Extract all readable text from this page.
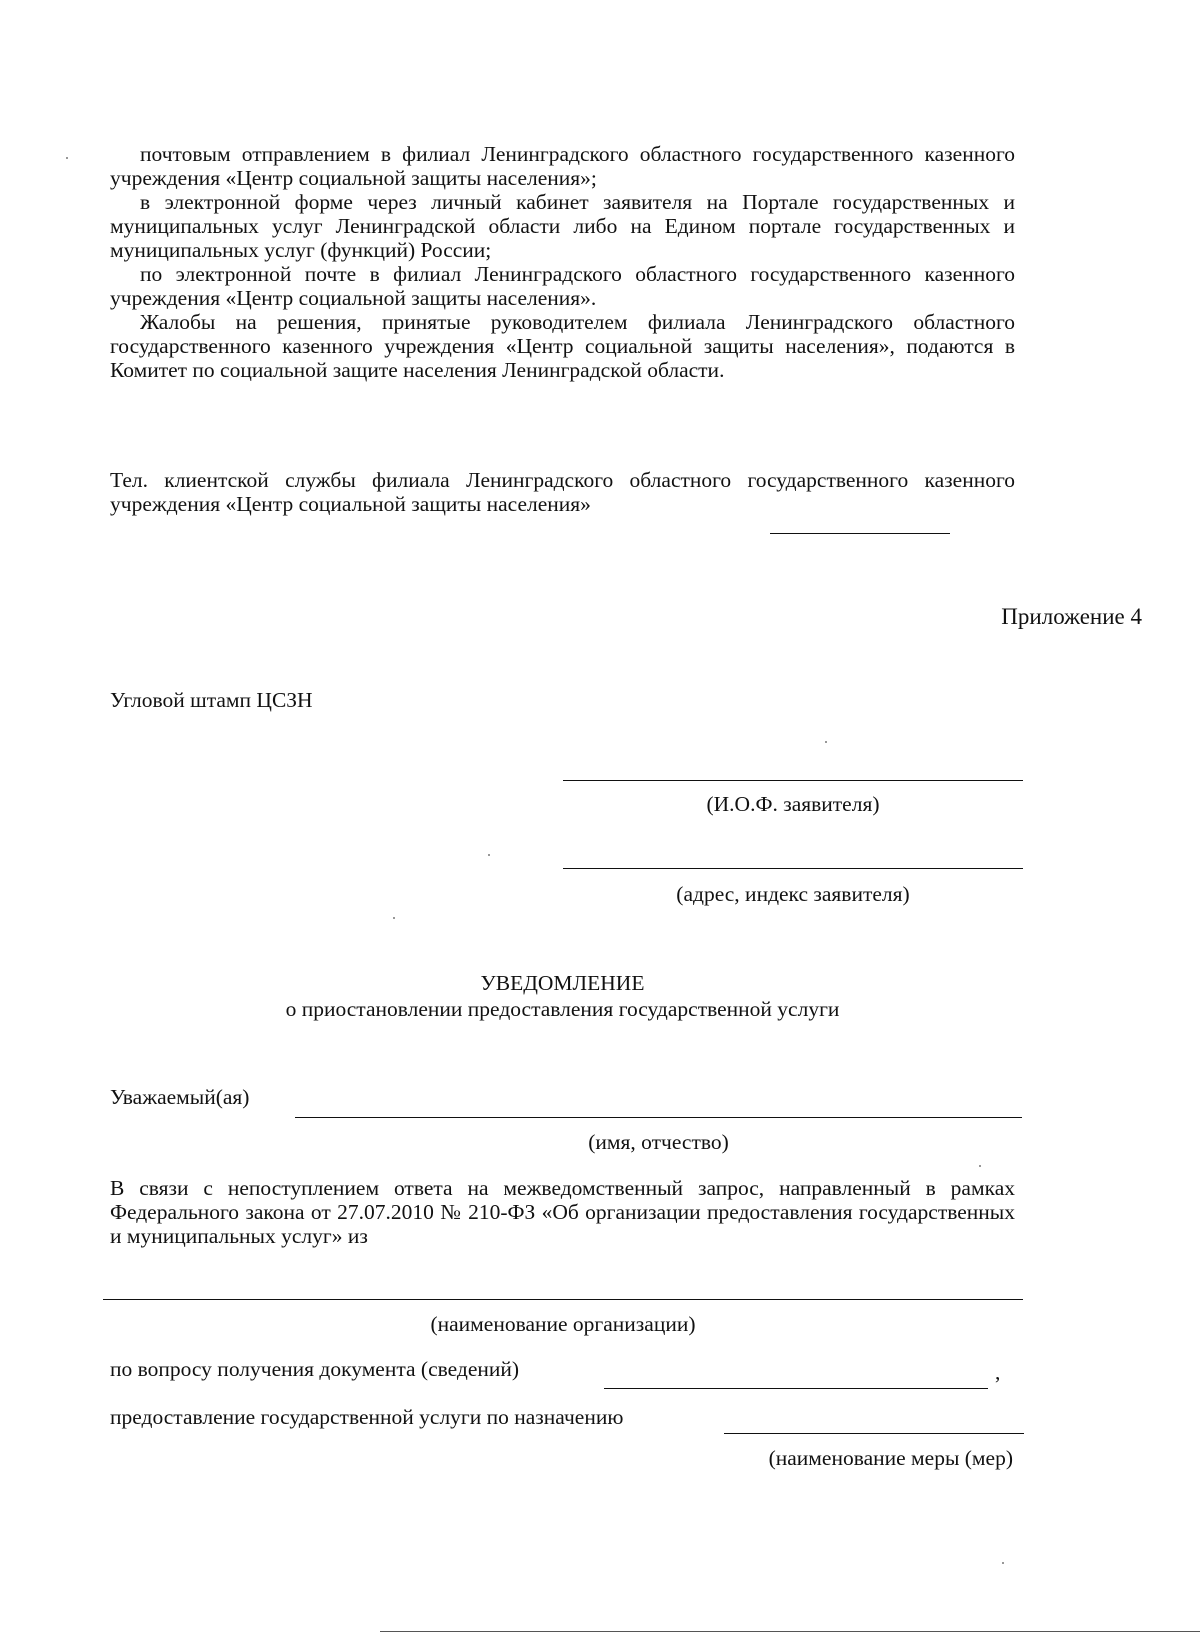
почтовым отправлением в филиал Ленинградского областного государственного казенного учреждения «Центр социальной защиты населения»;

в электронной форме через личный кабинет заявителя на Портале государственных и муниципальных услуг Ленинградской области либо на Едином портале государственных и муниципальных услуг (функций) России;

по электронной почте в филиал Ленинградского областного государственного казенного учреждения «Центр социальной защиты населения».

Жалобы на решения, принятые руководителем филиала Ленинградского областного государственного казенного учреждения «Центр социальной защиты населения», подаются в Комитет по социальной защите населения Ленинградской области.

Тел. клиентской службы филиала Ленинградского областного государственного казенного учреждения «Центр социальной защиты населения»

Приложение 4
Угловой штамп ЦСЗН
(И.О.Ф. заявителя)
(адрес, индекс заявителя)
УВЕДОМЛЕНИЕ
о приостановлении предоставления государственной услуги
Уважаемый(ая)
(имя, отчество)

В связи с непоступлением ответа на межведомственный запрос, направленный в рамках Федерального закона от 27.07.2010 № 210-ФЗ «Об организации предоставления государственных и муниципальных услуг» из

(наименование организации)
по вопросу получения документа (сведений)	,
предоставление государственной услуги по назначению
(наименование меры (мер)
